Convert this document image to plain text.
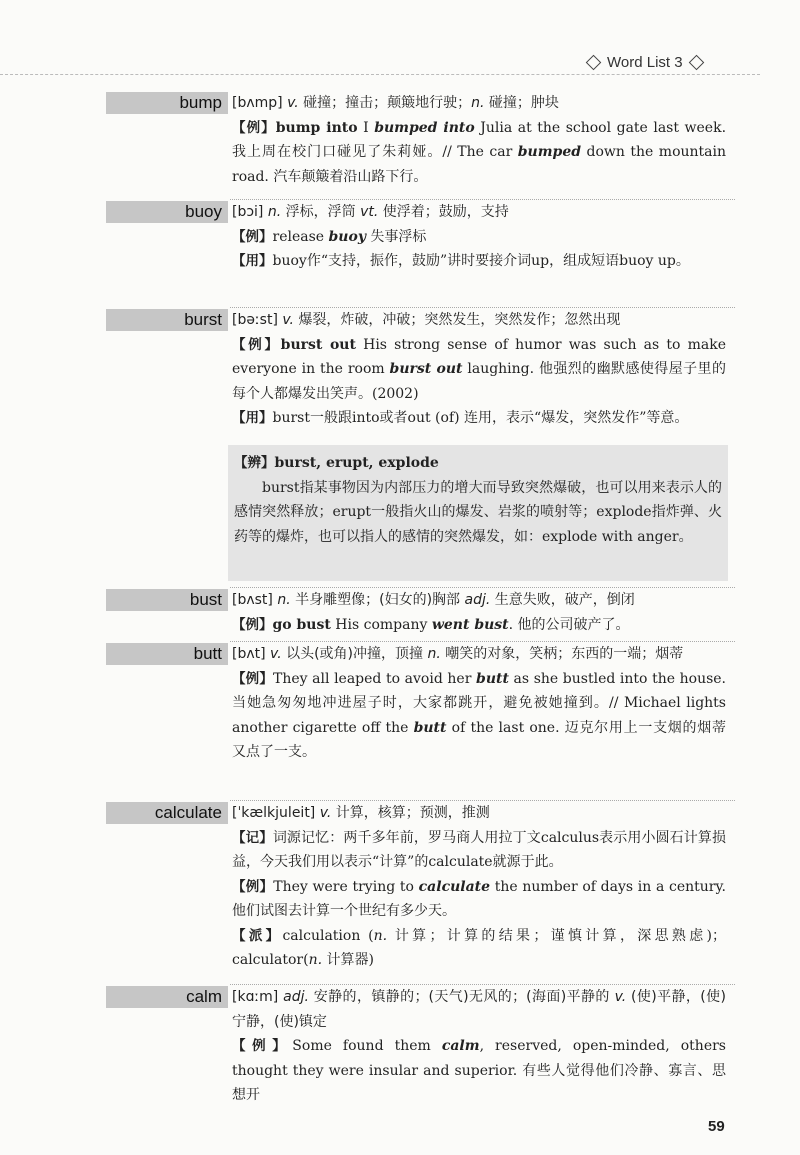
Word List 3
bump [bʌmp] v. 碰撞；撞击；颠簸地行驶；n. 碰撞；肿块

【例】bump into I bumped into Julia at the school gate last week. 我上周在校门口碰见了朱莉娅。// The car bumped down the mountain road. 汽车颠簸着沿山路下行。

buoy [bɔi] n. 浮标，浮筒 vt. 使浮着；鼓励，支持

【例】release buoy 失事浮标

【用】buoy作“支持，振作，鼓励”讲时要接介词up，组成短语buoy up。

burst [bəːst] v. 爆裂，炸破，冲破；突然发生，突然发作；忽然出现

【例】burst out His strong sense of humor was such as to make everyone in the room burst out laughing. 他强烈的幽默感使得屋子里的每个人都爆发出笑声。(2002)

【用】burst一般跟into或者out (of) 连用，表示“爆发，突然发作”等意。

【辨】burst, erupt, explode

burst指某事物因为内部压力的增大而导致突然爆破，也可以用来表示人的感情突然释放；erupt一般指火山的爆发、岩浆的喷射等；explode指炸弹、火药等的爆炸，也可以指人的感情的突然爆发，如：explode with anger。

bust [bʌst] n. 半身雕塑像；(妇女的)胸部 adj. 生意失败，破产，倒闭

【例】go bust His company went bust. 他的公司破产了。

butt [bʌt] v. 以头(或角)冲撞，顶撞 n. 嘲笑的对象，笑柄；东西的一端；烟蒂

【例】They all leaped to avoid her butt as she bustled into the house. 当她急匆匆地冲进屋子时，大家都跳开，避免被她撞到。// Michael lights another cigarette off the butt of the last one. 迈克尔用上一支烟的烟蒂又点了一支。

calculate [ˈkælkjuleit] v. 计算，核算；预测，推测

【记】词源记忆：两千多年前，罗马商人用拉丁文calculus表示用小圆石计算损益，今天我们用以表示“计算”的calculate就源于此。

【例】They were trying to calculate the number of days in a century. 他们试图去计算一个世纪有多少天。

【派】calculation (n. 计算；计算的结果；谨慎计算，深思熟虑)；calculator(n. 计算器)

calm [kɑːm] adj. 安静的，镇静的；(天气)无风的；(海面)平静的 v. (使)平静，(使)宁静，(使)镇定

【例】Some found them calm, reserved, open-minded, others thought they were insular and superior. 有些人觉得他们冷静、寡言、思想开

59
